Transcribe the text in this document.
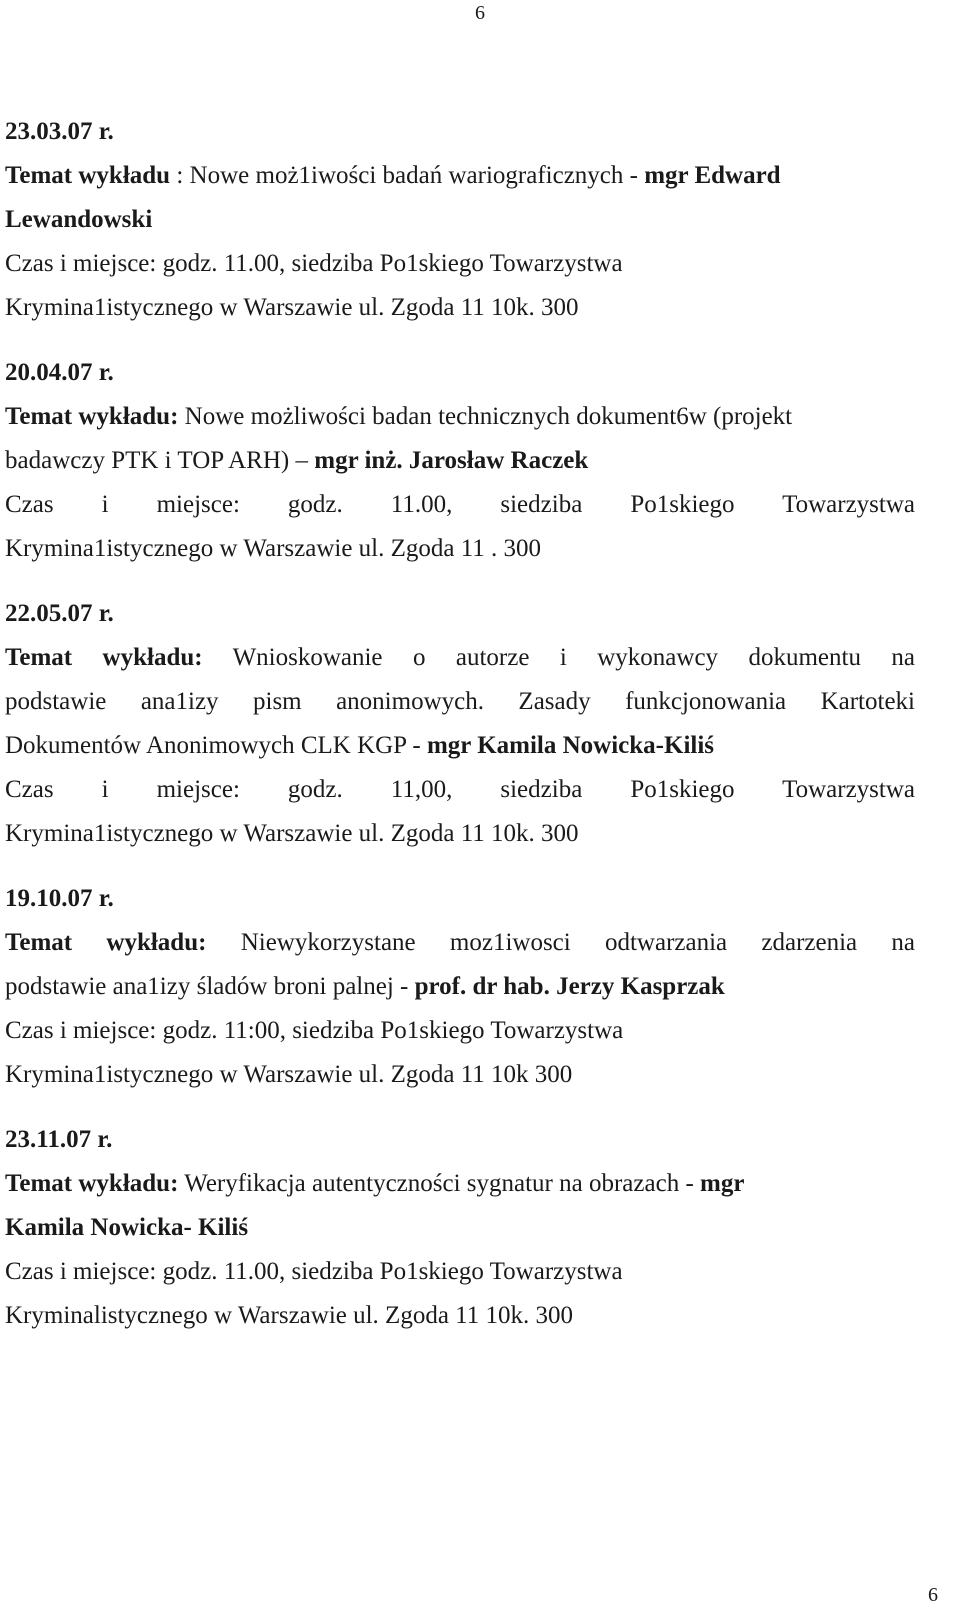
6
23.03.07 r.
Temat wykładu : Nowe moż1iwości badań wariograficznych - mgr Edward
Lewandowski
Czas i miejsce: godz. 11.00, siedziba Po1skiego Towarzystwa
Krymina1istycznego w Warszawie ul. Zgoda 11 10k. 300
20.04.07 r.
Temat wykładu: Nowe możliwości badan technicznych dokument6w (projekt
badawczy PTK i TOP ARH) – mgr inż. Jarosław Raczek
Czas i miejsce: godz. 11.00, siedziba Po1skiego Towarzystwa
Krymina1istycznego w Warszawie ul. Zgoda 11 . 300
22.05.07 r.
Temat wykładu: Wnioskowanie o autorze i wykonawcy dokumentu na
podstawie ana1izy pism anonimowych. Zasady funkcjonowania Kartoteki
Dokumentów Anonimowych CLK KGP - mgr Kamila Nowicka-Kiliś
Czas i miejsce: godz. 11,00, siedziba Po1skiego Towarzystwa
Krymina1istycznego w Warszawie ul. Zgoda 11 10k. 300
19.10.07 r.
Temat wykładu: Niewykorzystane moz1iwosci odtwarzania zdarzenia na
podstawie ana1izy śladów broni palnej - prof. dr hab. Jerzy Kasprzak
Czas i miejsce: godz. 11:00, siedziba Po1skiego Towarzystwa
Krymina1istycznego w Warszawie ul. Zgoda 11 10k 300
23.11.07 r.
Temat wykładu: Weryfikacja autentyczności sygnatur na obrazach - mgr
Kamila Nowicka- Kiliś
Czas i miejsce: godz. 11.00, siedziba Po1skiego Towarzystwa
Kryminalistycznego w Warszawie ul. Zgoda 11 10k. 300
6
